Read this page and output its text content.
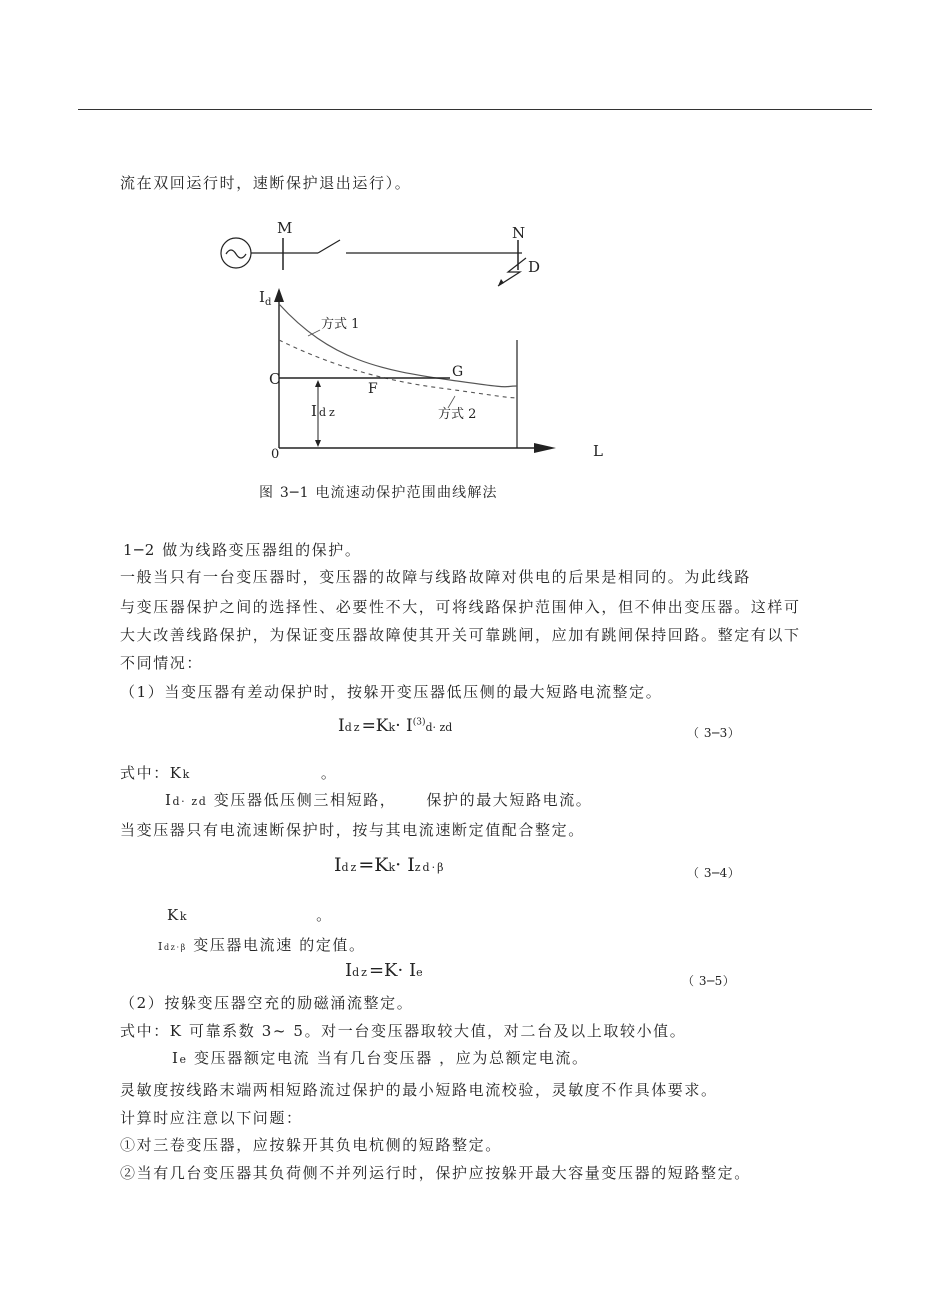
流在双回运行时，速断保护退出运行）。
M	N
D
$I_d$
方式 1
C
F
G
I dz	方式 2
0	L
图 3─1 电流速动保护范围曲线解法
1─2 做为线路变压器组的保护。
一般当只有一台变压器时，变压器的故障与线路故障对供电的后果是相同的。为此线路
与变压器保护之间的选择性、必要性不大，可将线路保护范围伸入，但不伸出变压器。这样可
大大改善线路保护，为保证变压器故障使其开关可靠跳闸，应加有跳闸保持回路。整定有以下
不同情况：
（1）当变压器有差动保护时，按躲开变压器低压侧的最大短路电流整定。
$Idz=Kk\cdot I^{(3)}d\cdot$ zd	（ 3─3）
式中：Kk	。
Id· zd 变压器低压侧三相短路， 保护的最大短路电流。
当变压器只有电流速断保护时，按与其电流速断定值配合整定。
Idz=Kk· Izd·β	（ 3─4）
Kk	。
Idz·β 变压器电流速 的定值。
Idz=K· Ie
（ 3─5）
（2）按躲变压器空充的励磁涌流整定。
式中：K 可靠系数 3~ 5。对一台变压器取较大值，对二台及以上取较小值。
Ie 变压器额定电流 当有几台变压器 ，应为总额定电流。
灵敏度按线路末端两相短路流过保护的最小短路电流校验，灵敏度不作具体要求。
计算时应注意以下问题：
①对三卷变压器，应按躲开其负电杭侧的短路整定。
②当有几台变压器其负荷侧不并列运行时，保护应按躲开最大容量变压器的短路整定。
